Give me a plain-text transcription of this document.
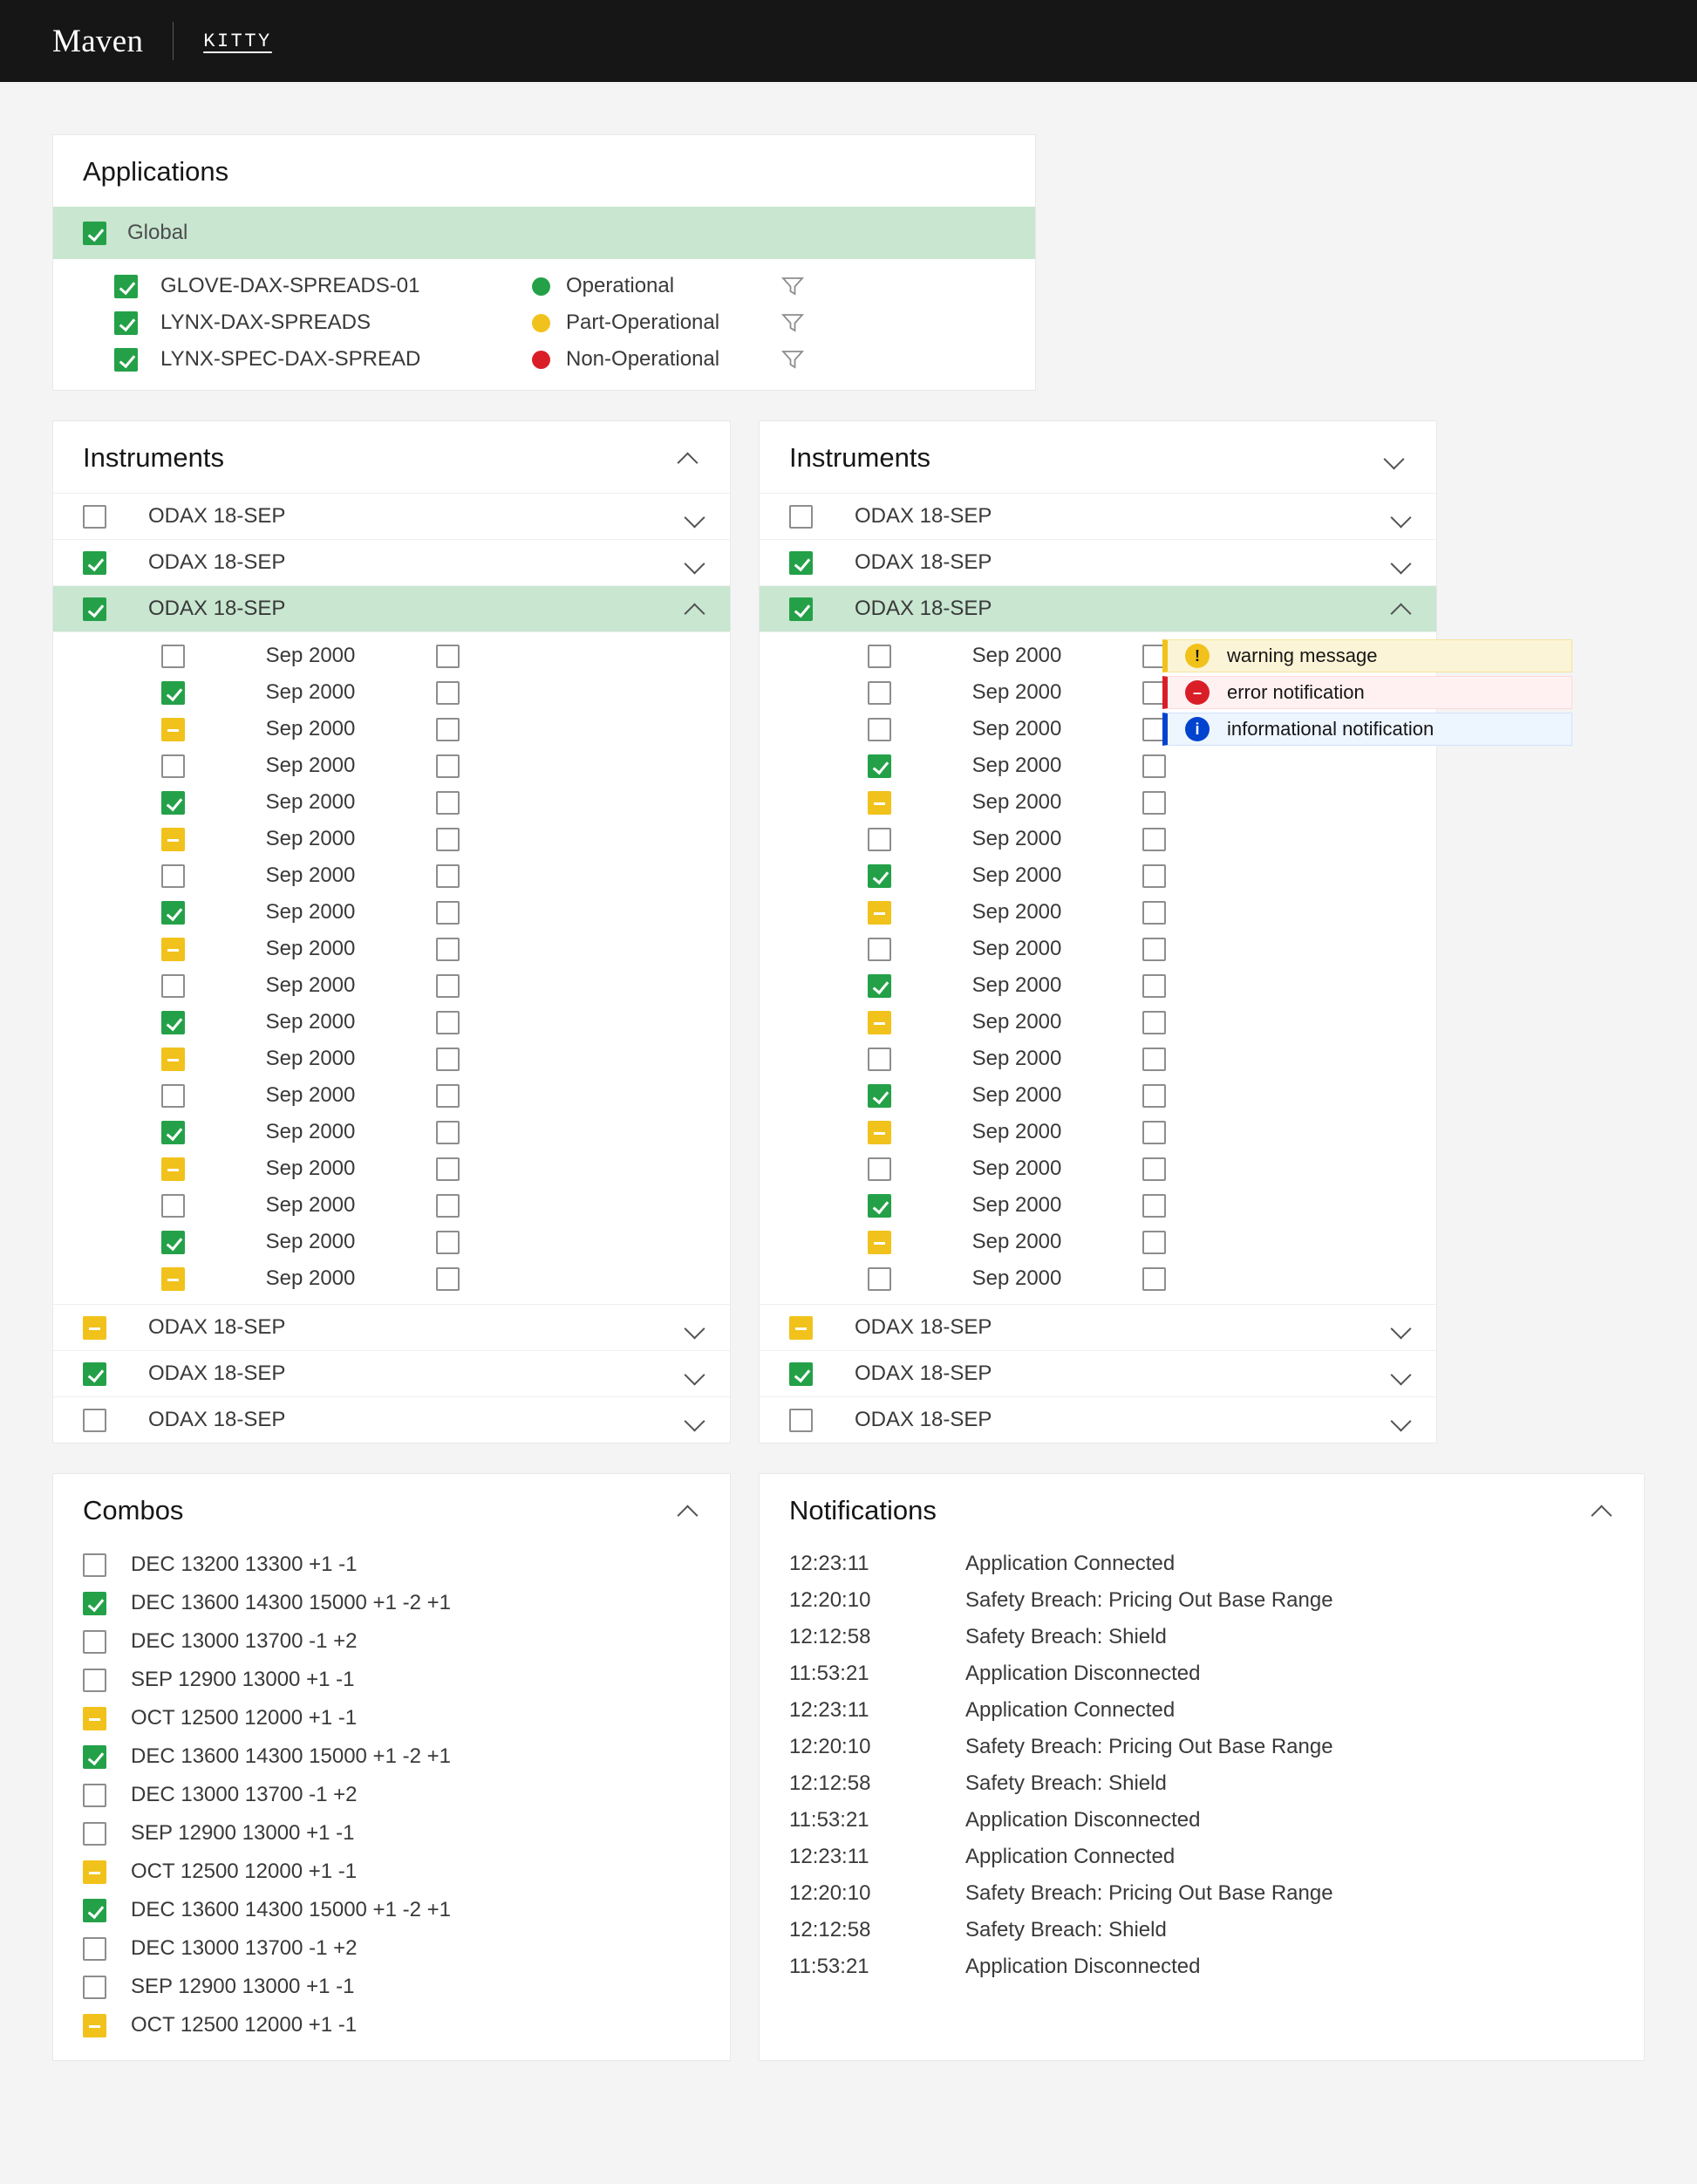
Maven	KITTY
Applications
Global
GLOVE-DAX-SPREADS-01	Operational
LYNX-DAX-SPREADS	Part-Operational
LYNX-SPEC-DAX-SPREAD	Non-Operational
Instruments
ODAX 18-SEP
ODAX 18-SEP
ODAX 18-SEP
Sep 2000
Sep 2000
Sep 2000
Sep 2000
Sep 2000
Sep 2000
Sep 2000
Sep 2000
Sep 2000
Sep 2000
Sep 2000
Sep 2000
Sep 2000
Sep 2000
Sep 2000
Sep 2000
Sep 2000
Sep 2000
ODAX 18-SEP
ODAX 18-SEP
ODAX 18-SEP
Instruments
ODAX 18-SEP
ODAX 18-SEP
ODAX 18-SEP
Sep 2000	!	warning message
Sep 2000	–	error notification
Sep 2000	i	informational notification
Sep 2000
Sep 2000
Sep 2000
Sep 2000
Sep 2000
Sep 2000
Sep 2000
Sep 2000
Sep 2000
Sep 2000
Sep 2000
Sep 2000
Sep 2000
Sep 2000
Sep 2000
ODAX 18-SEP
ODAX 18-SEP
ODAX 18-SEP
Combos
DEC 13200 13300 +1 -1
DEC 13600 14300 15000 +1 -2 +1
DEC 13000 13700 -1 +2
SEP 12900 13000 +1 -1
OCT 12500 12000 +1 -1
DEC 13600 14300 15000 +1 -2 +1
DEC 13000 13700 -1 +2
SEP 12900 13000 +1 -1
OCT 12500 12000 +1 -1
DEC 13600 14300 15000 +1 -2 +1
DEC 13000 13700 -1 +2
SEP 12900 13000 +1 -1
OCT 12500 12000 +1 -1
Notifications
12:23:11	Application Connected
12:20:10	Safety Breach: Pricing Out Base Range
12:12:58	Safety Breach: Shield
11:53:21	Application Disconnected
12:23:11	Application Connected
12:20:10	Safety Breach: Pricing Out Base Range
12:12:58	Safety Breach: Shield
11:53:21	Application Disconnected
12:23:11	Application Connected
12:20:10	Safety Breach: Pricing Out Base Range
12:12:58	Safety Breach: Shield
11:53:21	Application Disconnected
